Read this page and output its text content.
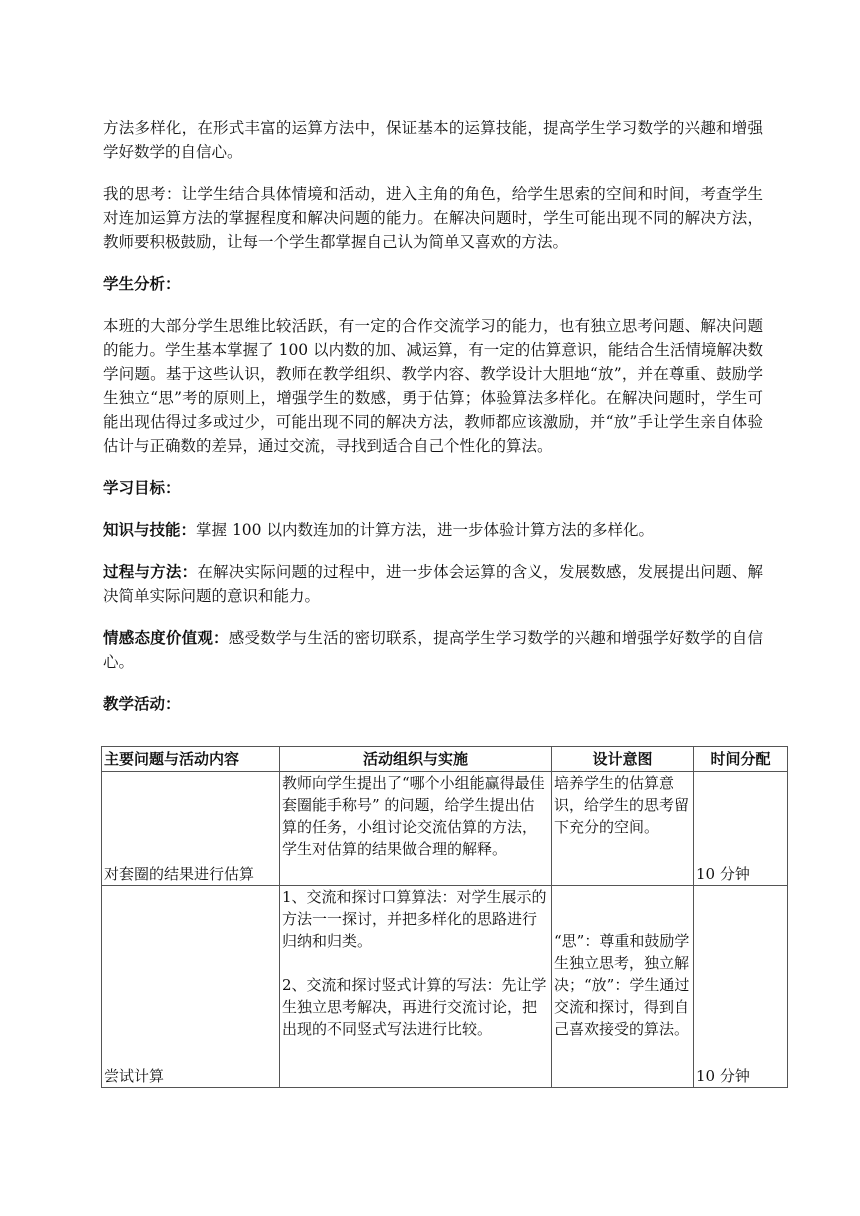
方法多样化，在形式丰富的运算方法中，保证基本的运算技能，提高学生学习数学的兴趣和增强学好数学的自信心。

我的思考：让学生结合具体情境和活动，进入主角的角色，给学生思索的空间和时间，考查学生对连加运算方法的掌握程度和解决问题的能力。在解决问题时，学生可能出现不同的解决方法，教师要积极鼓励，让每一个学生都掌握自己认为简单又喜欢的方法。

学生分析：

本班的大部分学生思维比较活跃，有一定的合作交流学习的能力，也有独立思考问题、解决问题的能力。学生基本掌握了 100 以内数的加、减运算，有一定的估算意识，能结合生活情境解决数学问题。基于这些认识，教师在教学组织、教学内容、教学设计大胆地“放”，并在尊重、鼓励学生独立“思”考的原则上，增强学生的数感，勇于估算；体验算法多样化。在解决问题时，学生可能出现估得过多或过少，可能出现不同的解决方法，教师都应该激励，并“放”手让学生亲自体验估计与正确数的差异，通过交流，寻找到适合自己个性化的算法。

学习目标：

知识与技能：掌握 100 以内数连加的计算方法，进一步体验计算方法的多样化。

过程与方法：在解决实际问题的过程中，进一步体会运算的含义，发展数感，发展提出问题、解决简单实际问题的意识和能力。

情感态度价值观：感受数学与生活的密切联系，提高学生学习数学的兴趣和增强学好数学的自信心。

教学活动：

主要问题与活动内容	活动组织与实施	设计意图	时间分配
对套圈的结果进行估算	教师向学生提出了“哪个小组能赢得最佳套圈能手称号” 的问题，给学生提出估算的任务，小组讨论交流估算的方法，学生对估算的结果做合理的解释。	培养学生的估算意识，给学生的思考留下充分的空间。	10 分钟
尝试计算	1、交流和探讨口算算法：对学生展示的方法一一探讨，并把多样化的思路进行归纳和归类。
2、交流和探讨竖式计算的写法：先让学生独立思考解决，再进行交流讨论，把出现的不同竖式写法进行比较。	“思”：尊重和鼓励学生独立思考，独立解决；“放”：学生通过交流和探讨，得到自己喜欢接受的算法。	10 分钟
